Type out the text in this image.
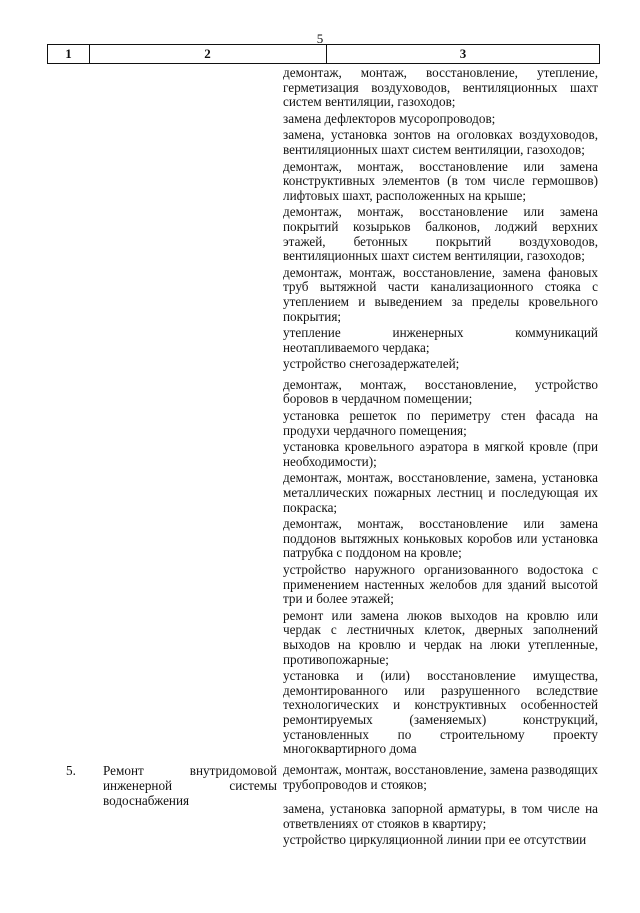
5
1	2	3

демонтаж, монтаж, восстановление, утепление, герметизация воздуховодов, вентиляционных шахт систем вентиляции, газоходов;

замена дефлекторов мусоропроводов;

замена, установка зонтов на оголовках воздуховодов, вентиляционных шахт систем вентиляции, газоходов;

демонтаж, монтаж, восстановление или замена конструктивных элементов (в том числе гермошвов) лифтовых шахт, расположенных на крыше;

демонтаж, монтаж, восстановление или замена покрытий козырьков балконов, лоджий верхних этажей, бетонных покрытий воздуховодов, вентиляционных шахт систем вентиляции, газоходов;

демонтаж, монтаж, восстановление, замена фановых труб вытяжной части канализационного стояка с утеплением и выведением за пределы кровельного покрытия;

утепление инженерных коммуникаций неотапливаемого чердака;

устройство снегозадержателей;

демонтаж, монтаж, восстановление, устройство боровов в чердачном помещении;

установка решеток по периметру стен фасада на продухи чердачного помещения;

установка кровельного аэратора в мягкой кровле (при необходимости);

демонтаж, монтаж, восстановление, замена, установка металлических пожарных лестниц и последующая их покраска;

демонтаж, монтаж, восстановление или замена поддонов вытяжных коньковых коробов или установка патрубка с поддоном на кровле;

устройство наружного организованного водостока с применением настенных желобов для зданий высотой три и более этажей;

ремонт или замена люков выходов на кровлю или чердак с лестничных клеток, дверных заполнений выходов на кровлю и чердак на люки утепленные, противопожарные;

установка и (или) восстановление имущества, демонтированного или разрушенного вследствие технологических и конструктивных особенностей ремонтируемых (заменяемых) конструкций, установленных по строительному проекту многоквартирного дома

5. Ремонт внутридомовой инженерной системы водоснабжения

демонтаж, монтаж, восстановление, замена разводящих трубопроводов и стояков;

замена, установка запорной арматуры, в том числе на ответвлениях от стояков в квартиру;

устройство циркуляционной линии при ее отсутствии
